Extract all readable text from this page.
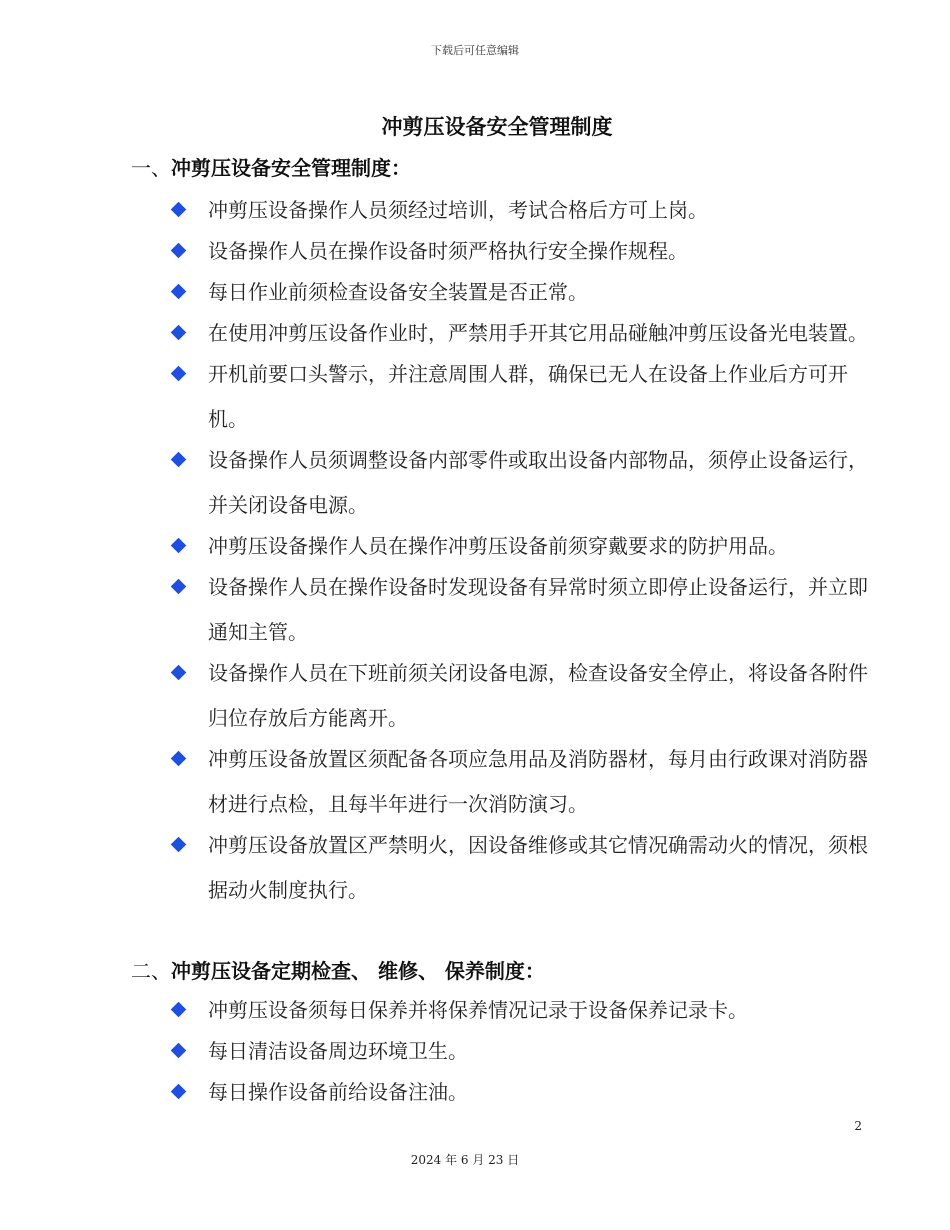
下载后可任意编辑
冲剪压设备安全管理制度
一、冲剪压设备安全管理制度：
冲剪压设备操作人员须经过培训，考试合格后方可上岗。
设备操作人员在操作设备时须严格执行安全操作规程。
每日作业前须检查设备安全装置是否正常。
在使用冲剪压设备作业时，严禁用手开其它用品碰触冲剪压设备光电装置。
开机前要口头警示，并注意周围人群，确保已无人在设备上作业后方可开机。
设备操作人员须调整设备内部零件或取出设备内部物品，须停止设备运行，并关闭设备电源。
冲剪压设备操作人员在操作冲剪压设备前须穿戴要求的防护用品。
设备操作人员在操作设备时发现设备有异常时须立即停止设备运行，并立即通知主管。
设备操作人员在下班前须关闭设备电源，检查设备安全停止，将设备各附件归位存放后方能离开。
冲剪压设备放置区须配备各项应急用品及消防器材，每月由行政课对消防器材进行点检，且每半年进行一次消防演习。
冲剪压设备放置区严禁明火，因设备维修或其它情况确需动火的情况，须根据动火制度执行。
二、冲剪压设备定期检查、 维修、 保养制度：
冲剪压设备须每日保养并将保养情况记录于设备保养记录卡。
每日清洁设备周边环境卫生。
每日操作设备前给设备注油。
2
2024 年 6 月 23 日
